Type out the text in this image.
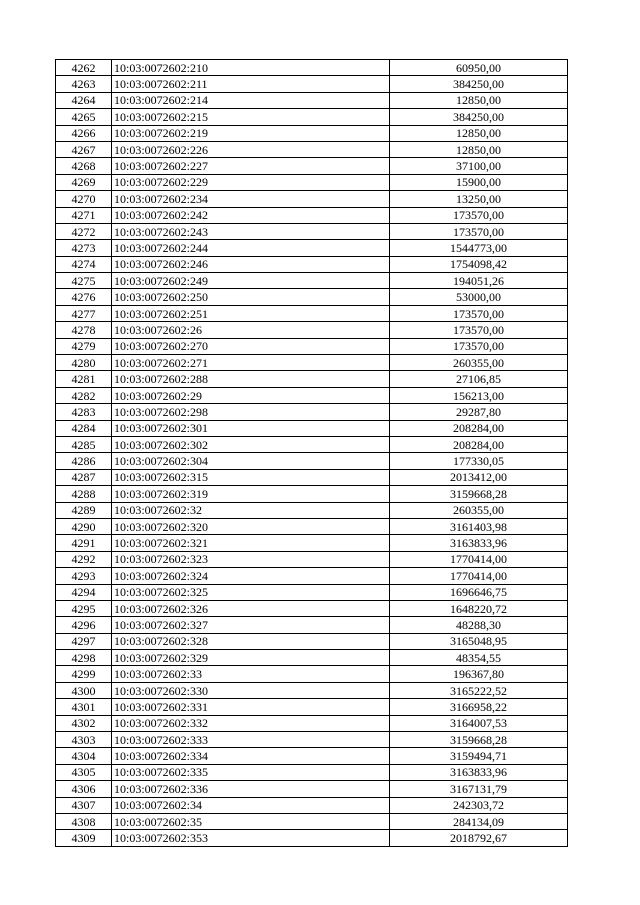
4262	10:03:0072602:210	60950,00
4263	10:03:0072602:211	384250,00
4264	10:03:0072602:214	12850,00
4265	10:03:0072602:215	384250,00
4266	10:03:0072602:219	12850,00
4267	10:03:0072602:226	12850,00
4268	10:03:0072602:227	37100,00
4269	10:03:0072602:229	15900,00
4270	10:03:0072602:234	13250,00
4271	10:03:0072602:242	173570,00
4272	10:03:0072602:243	173570,00
4273	10:03:0072602:244	1544773,00
4274	10:03:0072602:246	1754098,42
4275	10:03:0072602:249	194051,26
4276	10:03:0072602:250	53000,00
4277	10:03:0072602:251	173570,00
4278	10:03:0072602:26	173570,00
4279	10:03:0072602:270	173570,00
4280	10:03:0072602:271	260355,00
4281	10:03:0072602:288	27106,85
4282	10:03:0072602:29	156213,00
4283	10:03:0072602:298	29287,80
4284	10:03:0072602:301	208284,00
4285	10:03:0072602:302	208284,00
4286	10:03:0072602:304	177330,05
4287	10:03:0072602:315	2013412,00
4288	10:03:0072602:319	3159668,28
4289	10:03:0072602:32	260355,00
4290	10:03:0072602:320	3161403,98
4291	10:03:0072602:321	3163833,96
4292	10:03:0072602:323	1770414,00
4293	10:03:0072602:324	1770414,00
4294	10:03:0072602:325	1696646,75
4295	10:03:0072602:326	1648220,72
4296	10:03:0072602:327	48288,30
4297	10:03:0072602:328	3165048,95
4298	10:03:0072602:329	48354,55
4299	10:03:0072602:33	196367,80
4300	10:03:0072602:330	3165222,52
4301	10:03:0072602:331	3166958,22
4302	10:03:0072602:332	3164007,53
4303	10:03:0072602:333	3159668,28
4304	10:03:0072602:334	3159494,71
4305	10:03:0072602:335	3163833,96
4306	10:03:0072602:336	3167131,79
4307	10:03:0072602:34	242303,72
4308	10:03:0072602:35	284134,09
4309	10:03:0072602:353	2018792,67
